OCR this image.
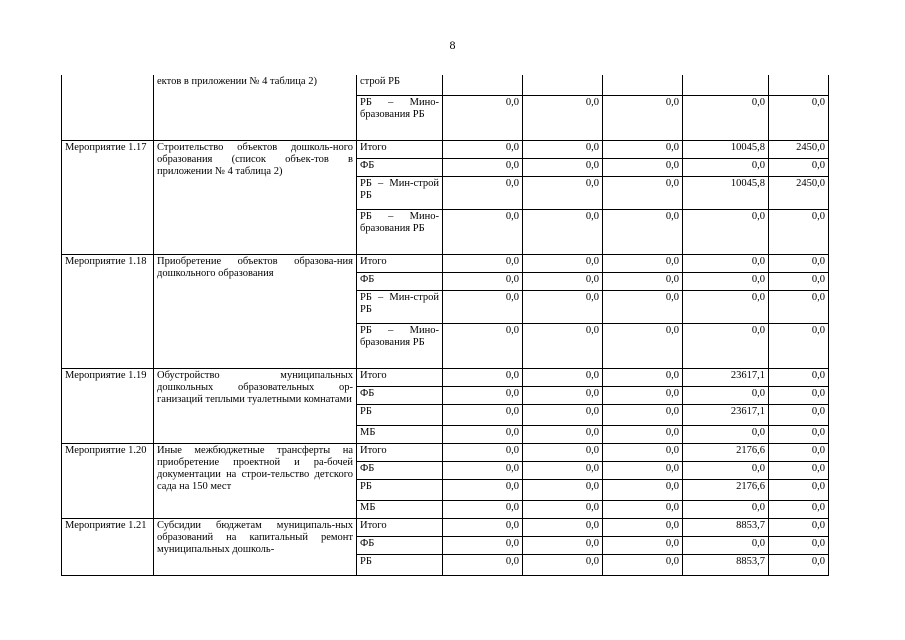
8
	ектов в приложении № 4 таблица 2)	строй РБ					
		РБ – Мино-бразования РБ	0,0	0,0	0,0	0,0	0,0
Мероприятие 1.17	Строительство объектов дошколь-ного образования (список объек-тов в приложении № 4 таблица 2)	Итого	0,0	0,0	0,0	10045,8	2450,0
		ФБ	0,0	0,0	0,0	0,0	0,0
		РБ – Мин-строй РБ	0,0	0,0	0,0	10045,8	2450,0
		РБ – Мино-бразования РБ	0,0	0,0	0,0	0,0	0,0
Мероприятие 1.18	Приобретение объектов образова-ния дошкольного образования	Итого	0,0	0,0	0,0	0,0	0,0
		ФБ	0,0	0,0	0,0	0,0	0,0
		РБ – Мин-строй РБ	0,0	0,0	0,0	0,0	0,0
		РБ – Мино-бразования РБ	0,0	0,0	0,0	0,0	0,0
Мероприятие 1.19	Обустройство муниципальных дошкольных образовательных ор-ганизаций теплыми туалетными комнатами	Итого	0,0	0,0	0,0	23617,1	0,0
		ФБ	0,0	0,0	0,0	0,0	0,0
		РБ	0,0	0,0	0,0	23617,1	0,0
		МБ	0,0	0,0	0,0	0,0	0,0
Мероприятие 1.20	Иные межбюджетные трансферты на приобретение проектной и ра-бочей документации на строи-тельство детского сада на 150 мест	Итого	0,0	0,0	0,0	2176,6	0,0
		ФБ	0,0	0,0	0,0	0,0	0,0
		РБ	0,0	0,0	0,0	2176,6	0,0
		МБ	0,0	0,0	0,0	0,0	0,0
Мероприятие 1.21	Субсидии бюджетам муниципаль-ных образований на капитальный ремонт муниципальных дошколь-	Итого	0,0	0,0	0,0	8853,7	0,0
		ФБ	0,0	0,0	0,0	0,0	0,0
		РБ	0,0	0,0	0,0	8853,7	0,0
